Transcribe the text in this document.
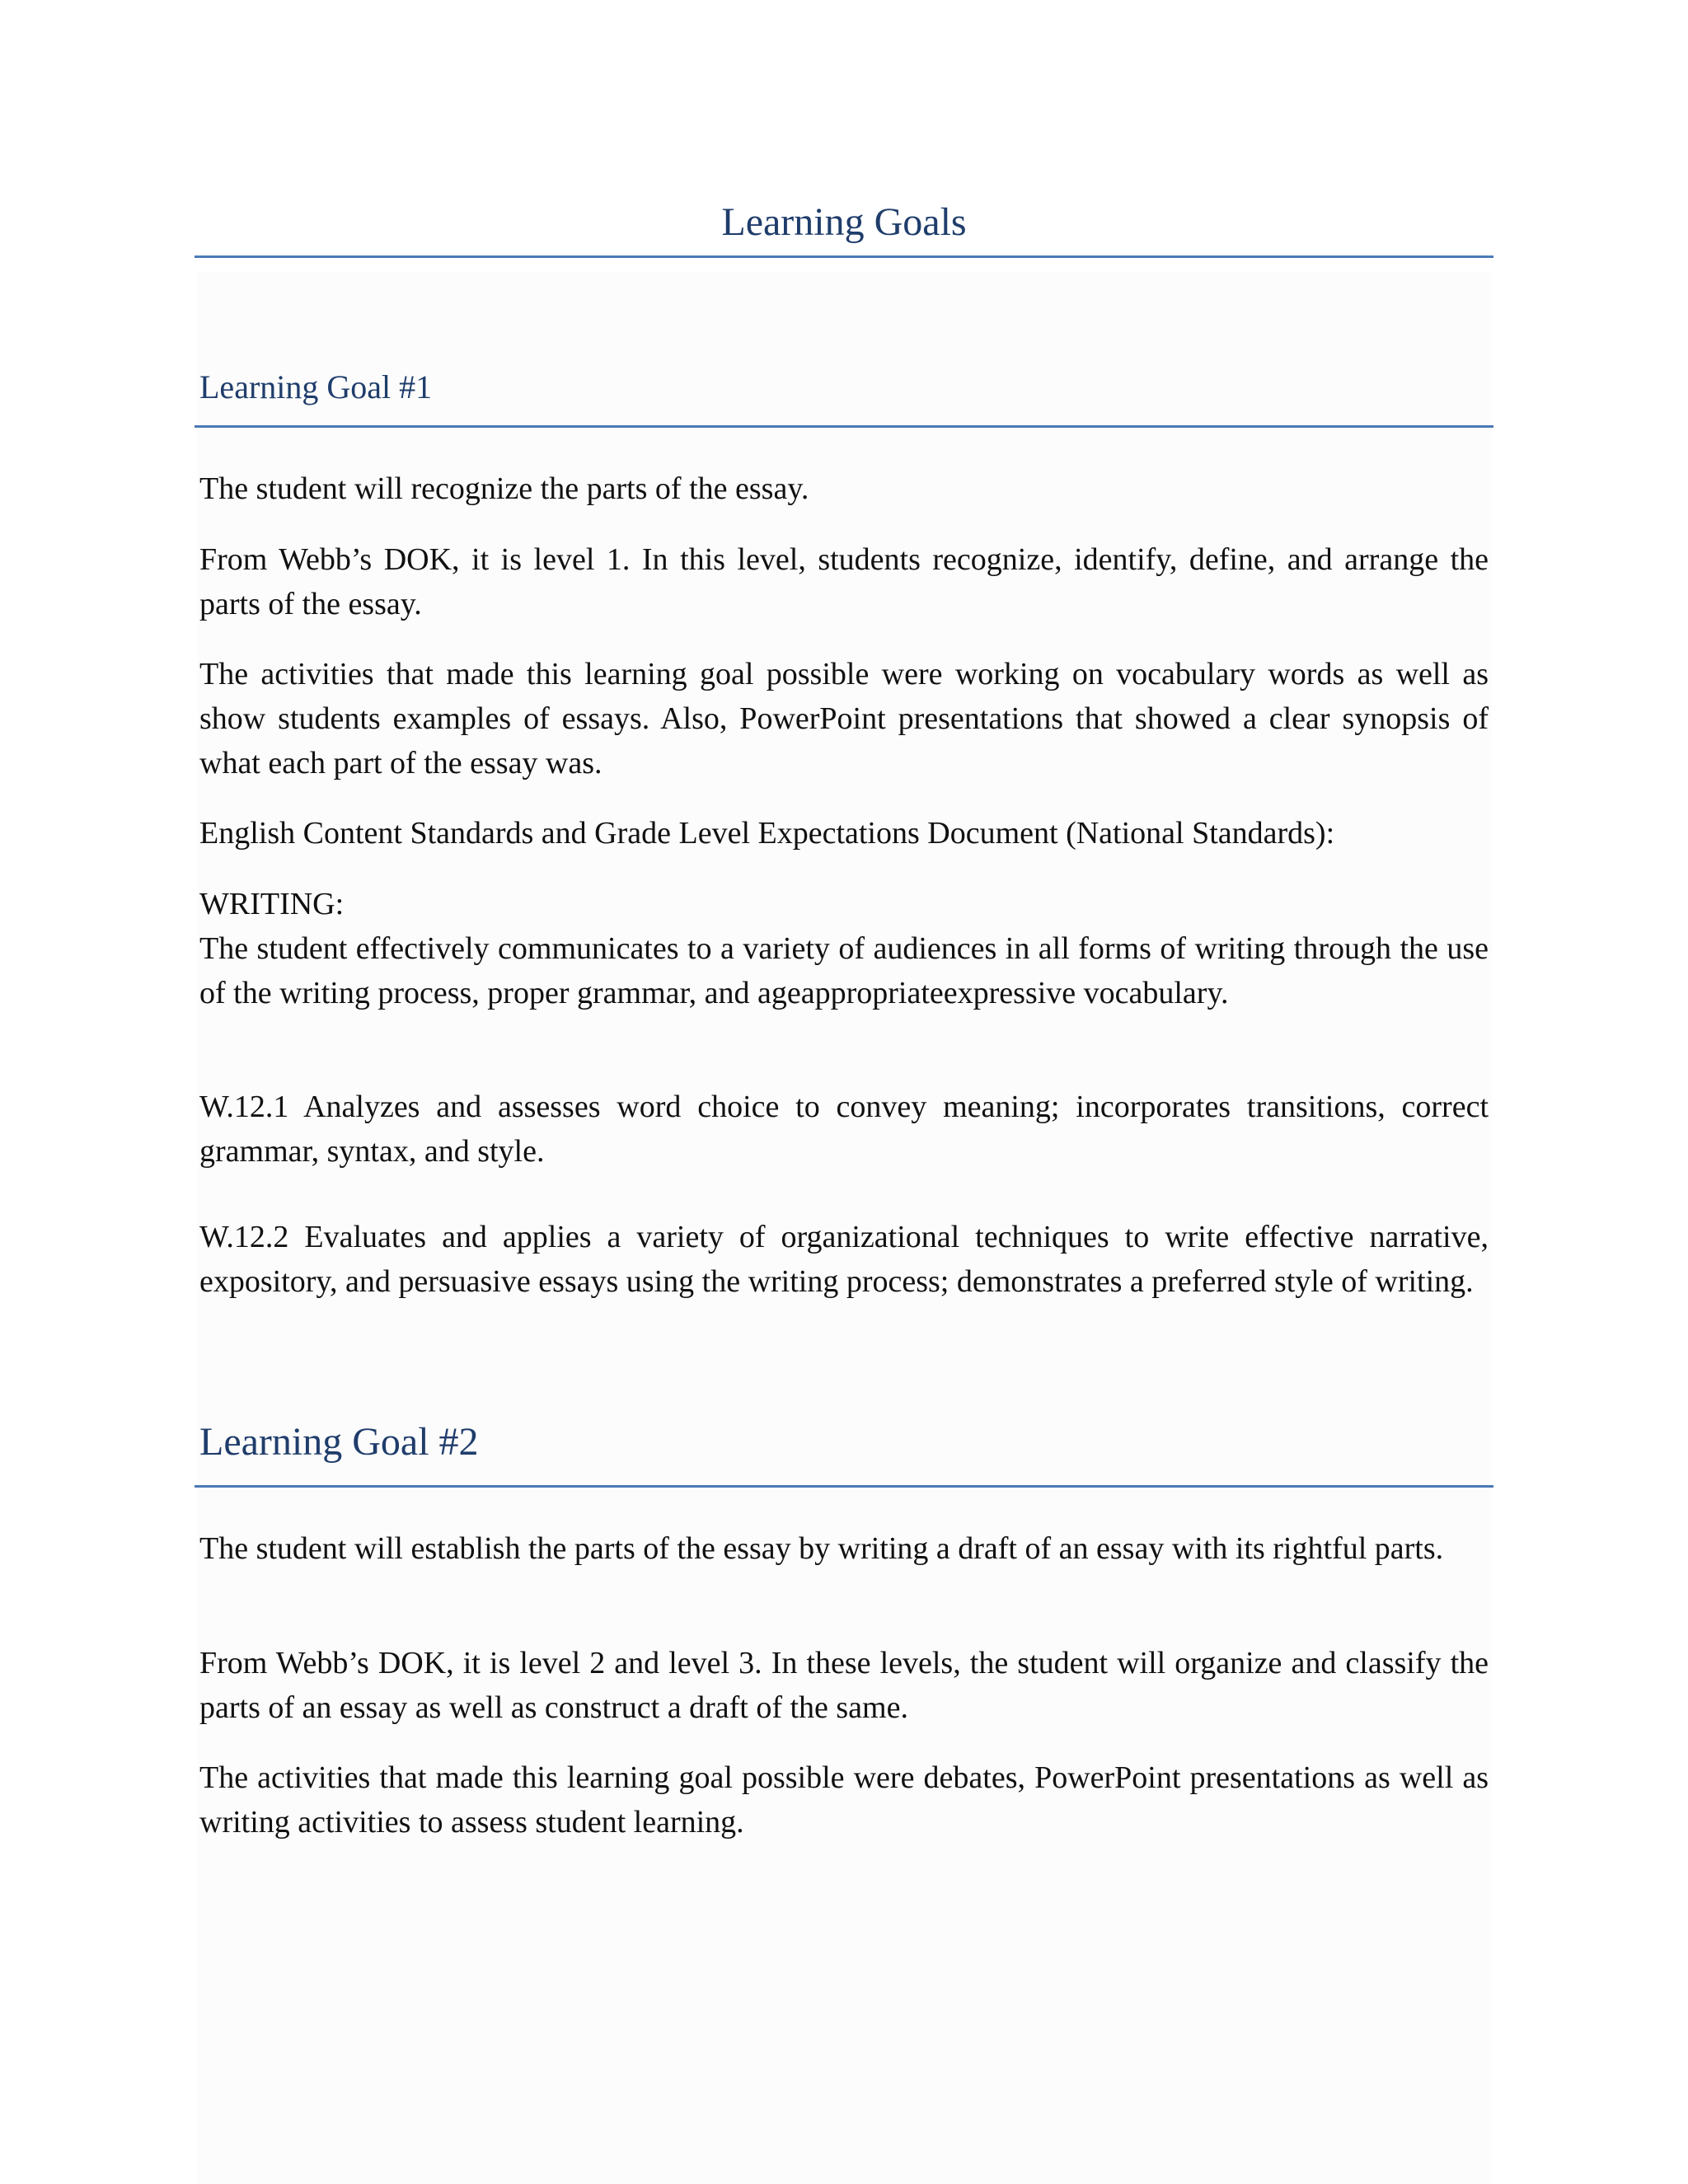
Learning Goals
Learning Goal #1

The student will recognize the parts of the essay.

From Webb’s DOK, it is level 1. In this level, students recognize, identify, define, and arrange the parts of the essay.

The activities that made this learning goal possible were working on vocabulary words as well as show students examples of essays. Also, PowerPoint presentations that showed a clear synopsis of what each part of the essay was.

English Content Standards and Grade Level Expectations Document (National Standards):

WRITING:
The student effectively communicates to a variety of audiences in all forms of writing through the use of the writing process, proper grammar, and ageappropriateexpressive vocabulary.

W.12.1 Analyzes and assesses word choice to convey meaning; incorporates transitions, correct grammar, syntax, and style.

W.12.2 Evaluates and applies a variety of organizational techniques to write effective narrative, expository, and persuasive essays using the writing process; demonstrates a preferred style of writing.

Learning Goal #2

The student will establish the parts of the essay by writing a draft of an essay with its rightful parts.

From Webb’s DOK, it is level 2 and level 3. In these levels, the student will organize and classify the parts of an essay as well as construct a draft of the same.

The activities that made this learning goal possible were debates, PowerPoint presentations as well as writing activities to assess student learning.
